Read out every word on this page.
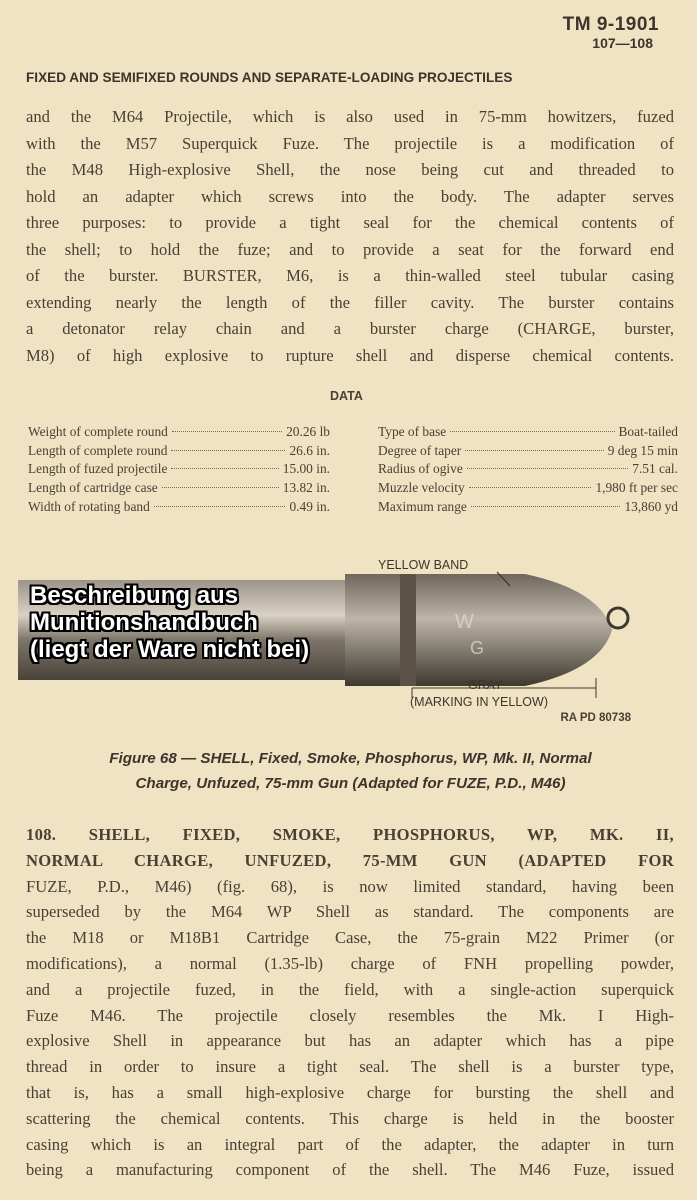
TM 9-1901
107—108
FIXED AND SEMIFIXED ROUNDS AND SEPARATE-LOADING PROJECTILES
and the M64 Projectile, which is also used in 75-mm howitzers, fuzed
with the M57 Superquick Fuze. The projectile is a modification of
the M48 High-explosive Shell, the nose being cut and threaded to
hold an adapter which screws into the body. The adapter serves
three purposes: to provide a tight seal for the chemical contents of
the shell; to hold the fuze; and to provide a seat for the forward end
of the burster. BURSTER, M6, is a thin-walled steel tubular casing
extending nearly the length of the filler cavity. The burster contains
a detonator relay chain and a burster charge (CHARGE, burster,
M8) of high explosive to rupture shell and disperse chemical contents.
DATA
Weight of complete round	20.26 lb
Length of complete round	26.6 in.
Length of fuzed projectile	15.00 in.
Length of cartridge case	13.82 in.
Width of rotating band	0.49 in.
Type of base	Boat-tailed
Degree of taper	9 deg 15 min
Radius of ogive	7.51 cal.
Muzzle velocity	1,980 ft per sec
Maximum range	13,860 yd
W
G
YELLOW BAND
GRAY
(MARKING IN YELLOW)
Beschreibung aus
Munitionshandbuch
(liegt der Ware nicht bei)
RA PD 80738
Figure 68 — SHELL, Fixed, Smoke, Phosphorus, WP, Mk. II, Normal
Charge, Unfuzed, 75-mm Gun (Adapted for FUZE, P.D., M46)
108. SHELL, FIXED, SMOKE, PHOSPHORUS, WP, MK. II,
NORMAL CHARGE, UNFUZED, 75-MM GUN (ADAPTED FOR
FUZE, P.D., M46) (fig. 68), is now limited standard, having been
superseded by the M64 WP Shell as standard. The components are
the M18 or M18B1 Cartridge Case, the 75-grain M22 Primer (or
modifications), a normal (1.35-lb) charge of FNH propelling powder,
and a projectile fuzed, in the field, with a single-action superquick
Fuze M46. The projectile closely resembles the Mk. I High-
explosive Shell in appearance but has an adapter which has a pipe
thread in order to insure a tight seal. The shell is a burster type,
that is, has a small high-explosive charge for bursting the shell and
scattering the chemical contents. This charge is held in the booster
casing which is an integral part of the adapter, the adapter in turn
being a manufacturing component of the shell. The M46 Fuze, issued
